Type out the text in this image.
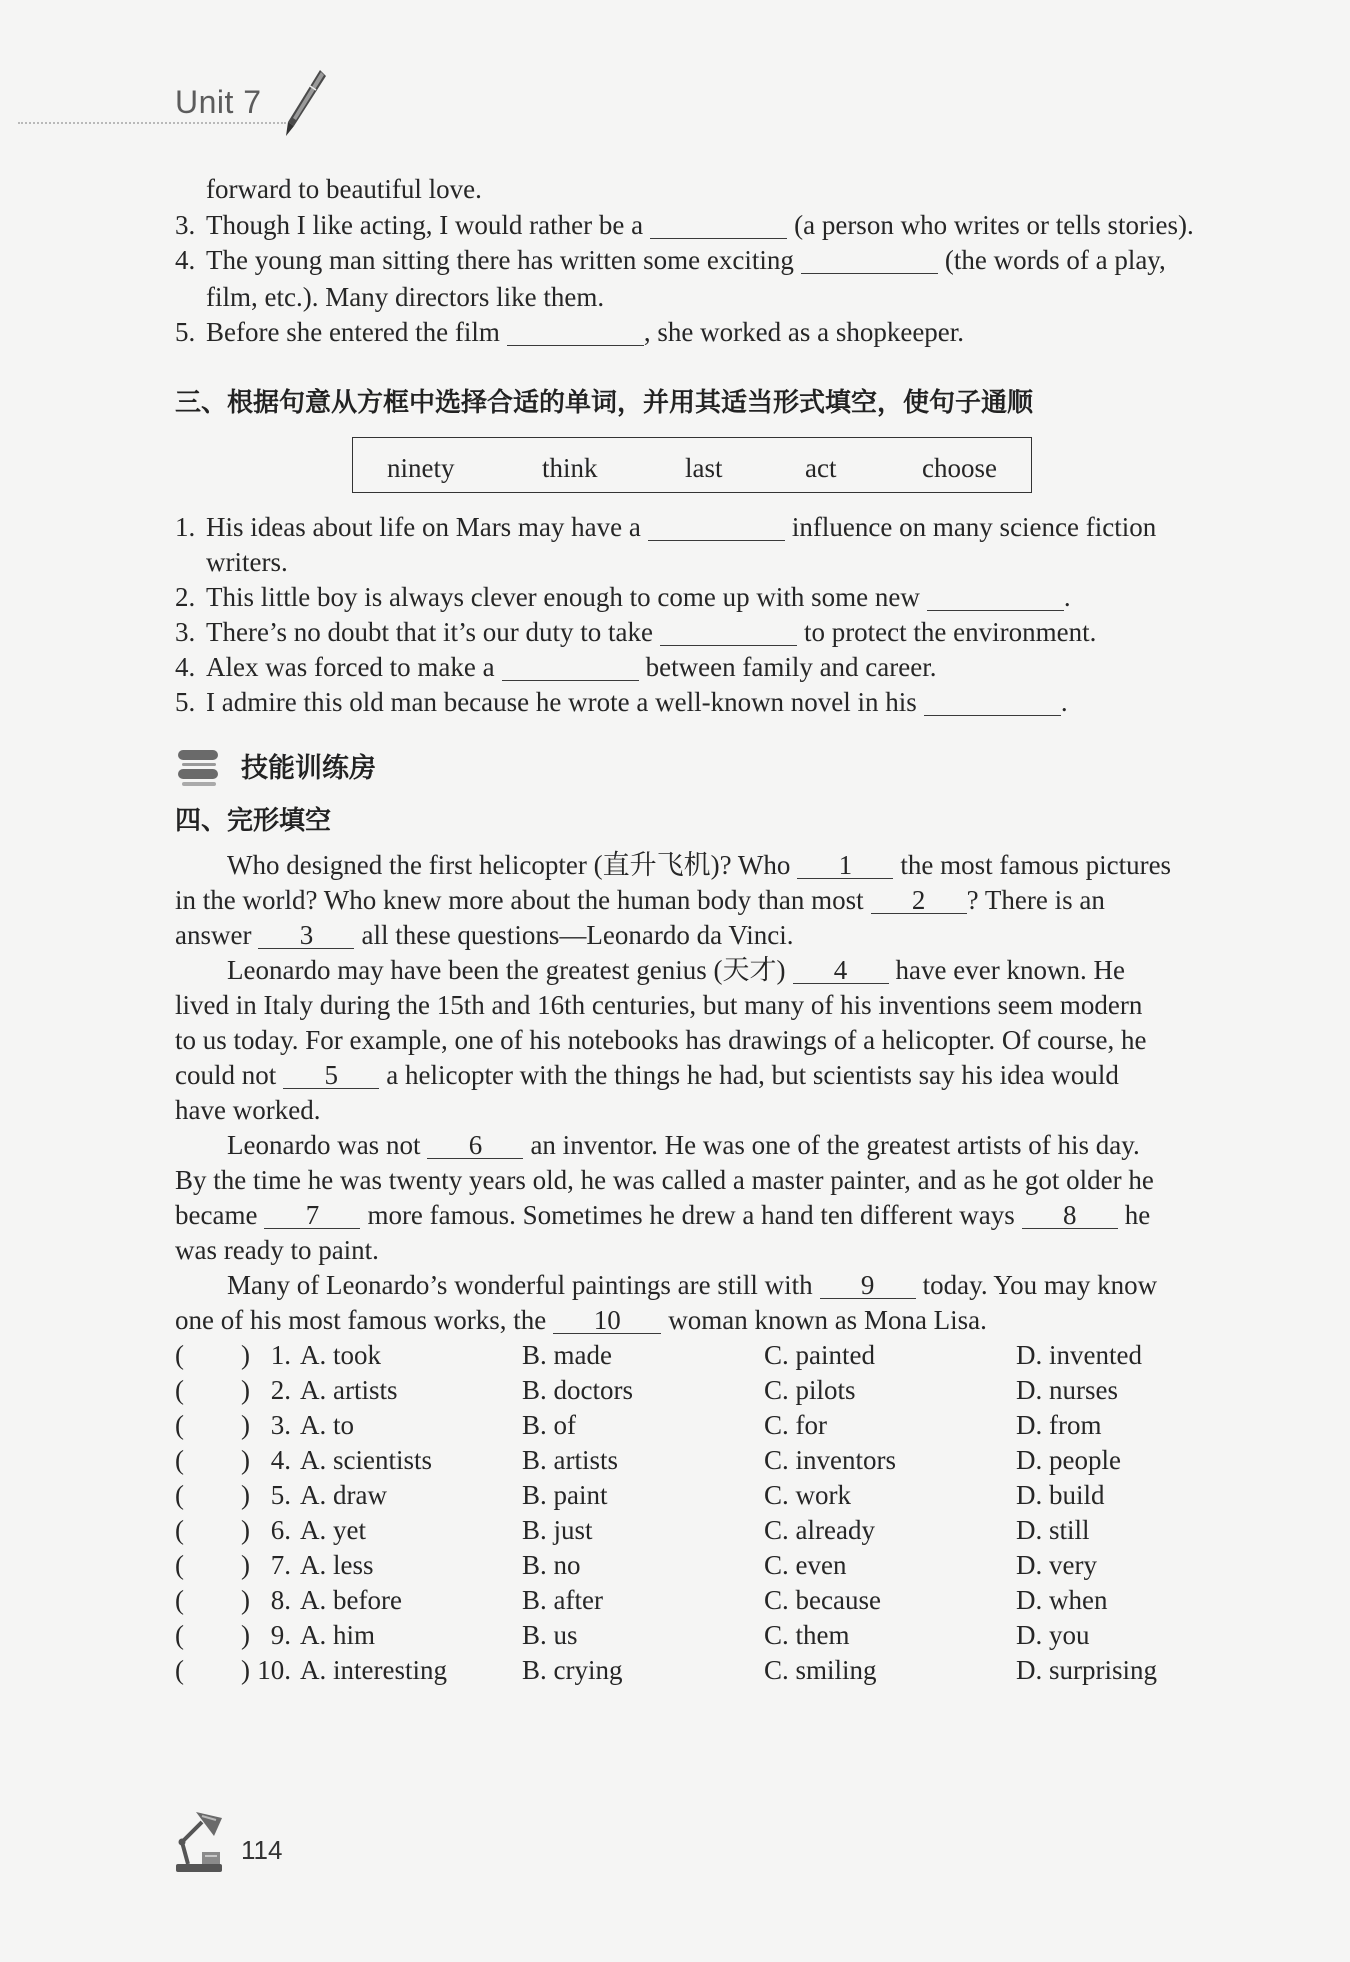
Unit 7
forward to beautiful love.
3. Though I like acting, I would rather be a	(a person who writes or tells stories).
4. The young man sitting there has written some exciting	(the words of a play,
film, etc.). Many directors like them.
5. Before she entered the film	, she worked as a shopkeeper.
三、根据句意从方框中选择合适的单词，并用其适当形式填空，使句子通顺
ninety	think	last	act	choose
1. His ideas about life on Mars may have a	influence on many science fiction
writers.
2. This little boy is always clever enough to come up with some new	.
3. There’s no doubt that it’s our duty to take	to protect the environment.
4. Alex was forced to make a	between family and career.
5. I admire this old man because he wrote a well-known novel in his	.
技能训练房
四、完形填空
Who designed the first helicopter (直升飞机)? Who 1 the most famous pictures
in the world? Who knew more about the human body than most 2 ? There is an
answer 3 all these questions—Leonardo da Vinci.
Leonardo may have been the greatest genius (天才) 4 have ever known. He
lived in Italy during the 15th and 16th centuries, but many of his inventions seem modern
to us today. For example, one of his notebooks has drawings of a helicopter. Of course, he
could not 5 a helicopter with the things he had, but scientists say his idea would
have worked.
Leonardo was not 6 an inventor. He was one of the greatest artists of his day.
By the time he was twenty years old, he was called a master painter, and as he got older he
became 7 more famous. Sometimes he drew a hand ten different ways 8 he
was ready to paint.
Many of Leonardo’s wonderful paintings are still with 9 today. You may know
one of his most famous works, the 10 woman known as Mona Lisa.
( ) 1. A. took	B. made	C. painted	D. invented
( ) 2. A. artists	B. doctors	C. pilots	D. nurses
( ) 3. A. to	B. of	C. for	D. from
( ) 4. A. scientists	B. artists	C. inventors	D. people
( ) 5. A. draw	B. paint	C. work	D. build
( ) 6. A. yet	B. just	C. already	D. still
( ) 7. A. less	B. no	C. even	D. very
( ) 8. A. before	B. after	C. because	D. when
( ) 9. A. him	B. us	C. them	D. you
( ) 10. A. interesting	B. crying	C. smiling	D. surprising
114
